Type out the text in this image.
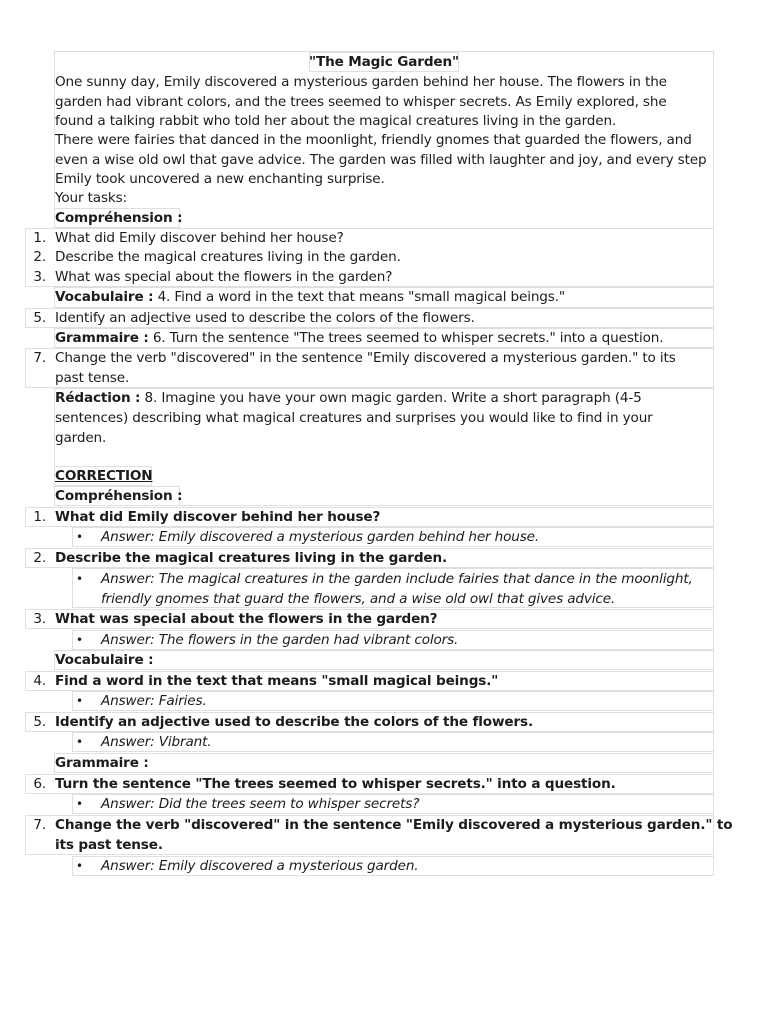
"The Magic Garden"
One sunny day, Emily discovered a mysterious garden behind her house. The flowers in the
garden had vibrant colors, and the trees seemed to whisper secrets. As Emily explored, she
found a talking rabbit who told her about the magical creatures living in the garden.
There were fairies that danced in the moonlight, friendly gnomes that guarded the flowers, and
even a wise old owl that gave advice. The garden was filled with laughter and joy, and every step
Emily took uncovered a new enchanting surprise.
Your tasks:
Compréhension :
1. What did Emily discover behind her house?
2. Describe the magical creatures living in the garden.
3. What was special about the flowers in the garden?
Vocabulaire : 4. Find a word in the text that means "small magical beings."
5. Identify an adjective used to describe the colors of the flowers.
Grammaire : 6. Turn the sentence "The trees seemed to whisper secrets." into a question.
7. Change the verb "discovered" in the sentence "Emily discovered a mysterious garden." to its
past tense.
Rédaction : 8. Imagine you have your own magic garden. Write a short paragraph (4-5
sentences) describing what magical creatures and surprises you would like to find in your
garden.
CORRECTION
Compréhension :
1. What did Emily discover behind her house?
• Answer: Emily discovered a mysterious garden behind her house.
2. Describe the magical creatures living in the garden.
• Answer: The magical creatures in the garden include fairies that dance in the moonlight,
friendly gnomes that guard the flowers, and a wise old owl that gives advice.
3. What was special about the flowers in the garden?
• Answer: The flowers in the garden had vibrant colors.
Vocabulaire :
4. Find a word in the text that means "small magical beings."
• Answer: Fairies.
5. Identify an adjective used to describe the colors of the flowers.
• Answer: Vibrant.
Grammaire :
6. Turn the sentence "The trees seemed to whisper secrets." into a question.
• Answer: Did the trees seem to whisper secrets?
7. Change the verb "discovered" in the sentence "Emily discovered a mysterious garden." to
its past tense.
• Answer: Emily discovered a mysterious garden.
